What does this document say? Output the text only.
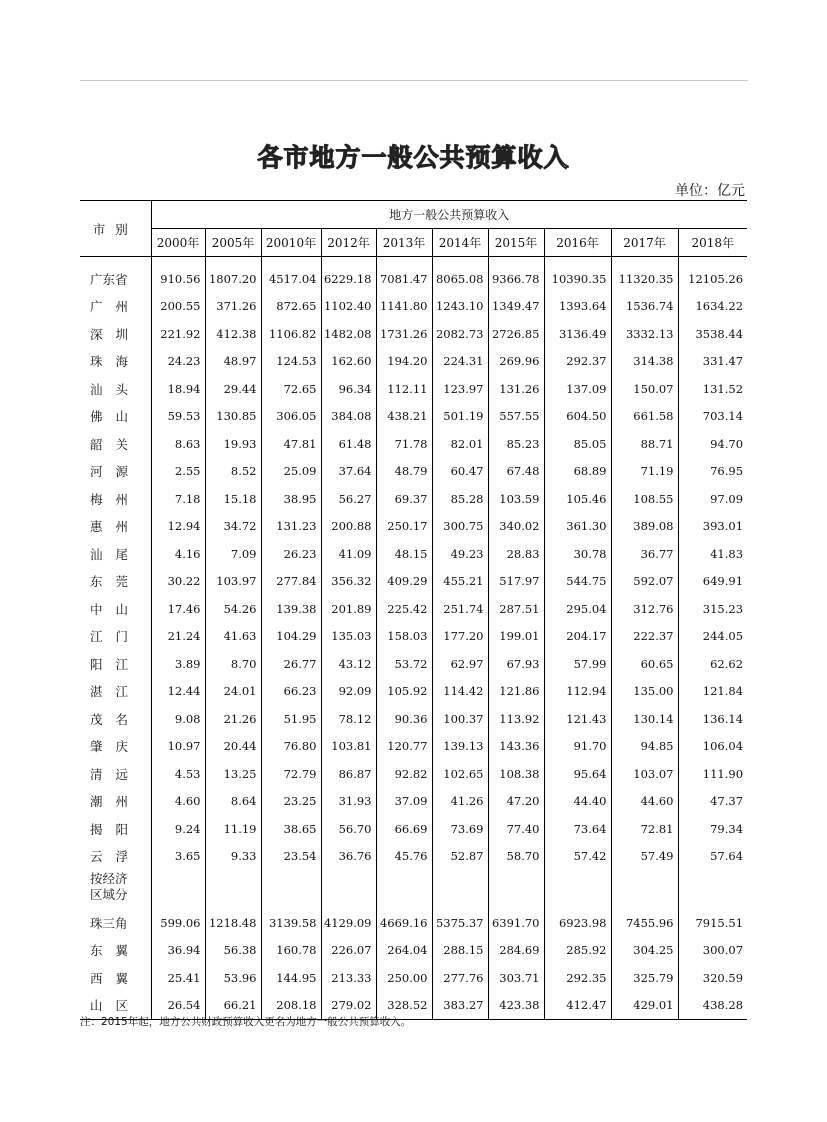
各市地方一般公共预算收入
单位：亿元
市别	地方一般公共预算收入									
	2000年	2005年	20010年	2012年	2013年	2014年	2015年	2016年	2017年	2018年

广东省	910.56	1807.20	4517.04	6229.18	7081.47	8065.08	9366.78	10390.35	11320.35	12105.26
广州	200.55	371.26	872.65	1102.40	1141.80	1243.10	1349.47	1393.64	1536.74	1634.22
深圳	221.92	412.38	1106.82	1482.08	1731.26	2082.73	2726.85	3136.49	3332.13	3538.44
珠海	24.23	48.97	124.53	162.60	194.20	224.31	269.96	292.37	314.38	331.47
汕头	18.94	29.44	72.65	96.34	112.11	123.97	131.26	137.09	150.07	131.52
佛山	59.53	130.85	306.05	384.08	438.21	501.19	557.55	604.50	661.58	703.14
韶关	8.63	19.93	47.81	61.48	71.78	82.01	85.23	85.05	88.71	94.70
河源	2.55	8.52	25.09	37.64	48.79	60.47	67.48	68.89	71.19	76.95
梅州	7.18	15.18	38.95	56.27	69.37	85.28	103.59	105.46	108.55	97.09
惠州	12.94	34.72	131.23	200.88	250.17	300.75	340.02	361.30	389.08	393.01
汕尾	4.16	7.09	26.23	41.09	48.15	49.23	28.83	30.78	36.77	41.83
东莞	30.22	103.97	277.84	356.32	409.29	455.21	517.97	544.75	592.07	649.91
中山	17.46	54.26	139.38	201.89	225.42	251.74	287.51	295.04	312.76	315.23
江门	21.24	41.63	104.29	135.03	158.03	177.20	199.01	204.17	222.37	244.05
阳江	3.89	8.70	26.77	43.12	53.72	62.97	67.93	57.99	60.65	62.62
湛江	12.44	24.01	66.23	92.09	105.92	114.42	121.86	112.94	135.00	121.84
茂名	9.08	21.26	51.95	78.12	90.36	100.37	113.92	121.43	130.14	136.14
肇庆	10.97	20.44	76.80	103.81	120.77	139.13	143.36	91.70	94.85	106.04
清远	4.53	13.25	72.79	86.87	92.82	102.65	108.38	95.64	103.07	111.90
潮州	4.60	8.64	23.25	31.93	37.09	41.26	47.20	44.40	44.60	47.37
揭阳	9.24	11.19	38.65	56.70	66.69	73.69	77.40	73.64	72.81	79.34
云浮	3.65	9.33	23.54	36.76	45.76	52.87	58.70	57.42	57.49	57.64
按经济区域分										
珠三角	599.06	1218.48	3139.58	4129.09	4669.16	5375.37	6391.70	6923.98	7455.96	7915.51
东翼	36.94	56.38	160.78	226.07	264.04	288.15	284.69	285.92	304.25	300.07
西翼	25.41	53.96	144.95	213.33	250.00	277.76	303.71	292.35	325.79	320.59
山区	26.54	66.21	208.18	279.02	328.52	383.27	423.38	412.47	429.01	438.28
注：2015年起，地方公共财政预算收入更名为地方一般公共预算收入。
